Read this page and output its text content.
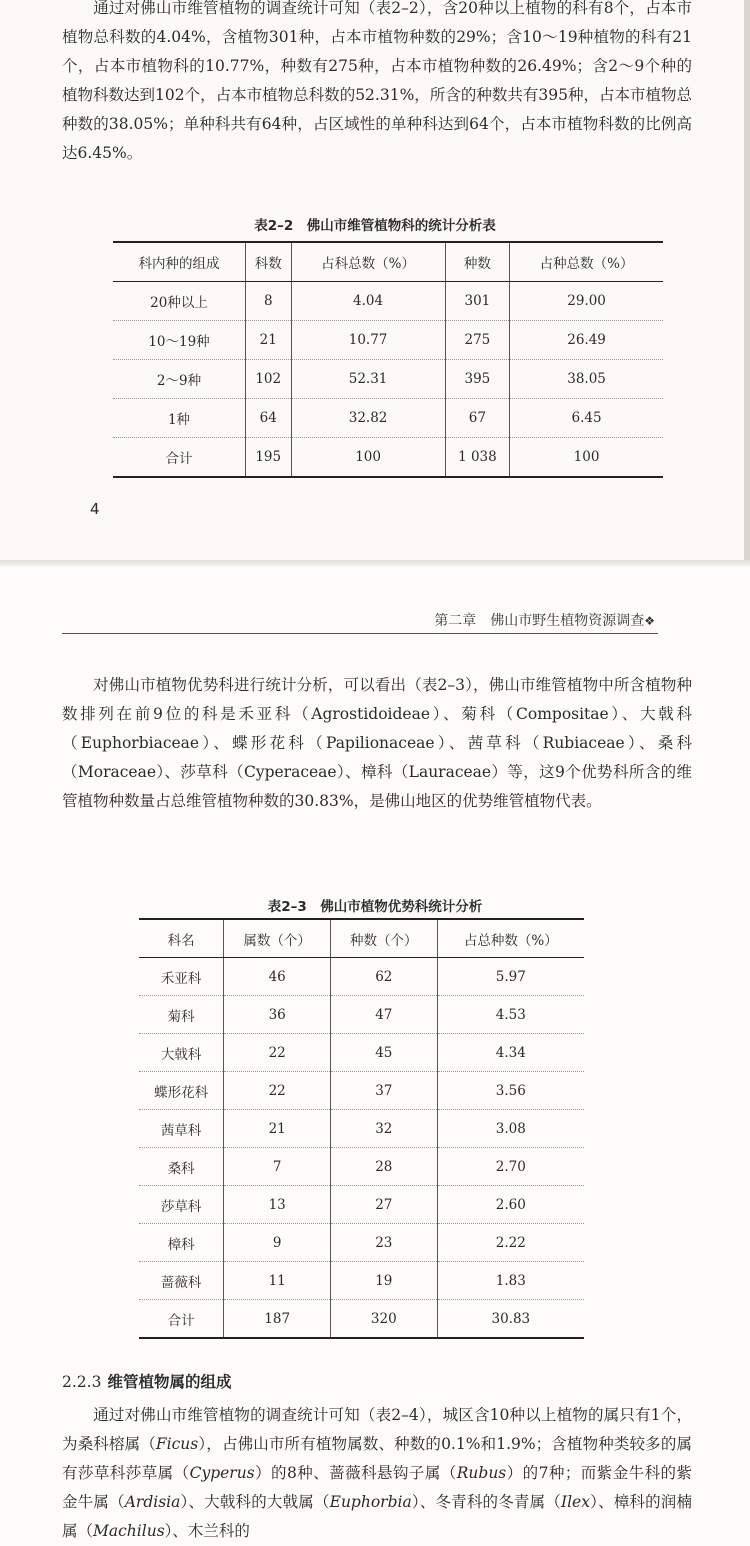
通过对佛山市维管植物的调查统计可知（表2–2），含20种以上植物的科有8个，占本市植物总科数的4.04%，含植物301种，占本市植物种数的29%；含10～19种植物的科有21个，占本市植物科的10.77%，种数有275种，占本市植物种数的26.49%；含2～9个种的植物科数达到102个，占本市植物总科数的52.31%，所含的种数共有395种，占本市植物总种数的38.05%；单种科共有64种，占区域性的单种科达到64个，占本市植物科数的比例高达6.45%。

表2–2　佛山市维管植物科的统计分析表
科内种的组成	科数	占科总数（%）	种数	占种总数（%）
20种以上	8	4.04	301	29.00
10～19种	21	10.77	275	26.49
2～9种	102	52.31	395	38.05
1种	64	32.82	67	6.45
合计	195	100	1 038	100
4
第二章　佛山市野生植物资源调查❖

对佛山市植物优势科进行统计分析，可以看出（表2–3），佛山市维管植物中所含植物种数排列在前9位的科是禾亚科（Agrostidoideae）、菊科（Compositae）、大戟科（Euphorbiaceae）、蝶形花科（Papilionaceae）、茜草科（Rubiaceae）、桑科（Moraceae）、莎草科（Cyperaceae）、樟科（Lauraceae）等，这9个优势科所含的维管植物种数量占总维管植物种数的30.83%，是佛山地区的优势维管植物代表。

表2–3　佛山市植物优势科统计分析
科名	属数（个）	种数（个）	占总种数（%）
禾亚科	46	62	5.97
菊科	36	47	4.53
大戟科	22	45	4.34
蝶形花科	22	37	3.56
茜草科	21	32	3.08
桑科	7	28	2.70
莎草科	13	27	2.60
樟科	9	23	2.22
蔷薇科	11	19	1.83
合计	187	320	30.83
2.2.3 维管植物属的组成

通过对佛山市维管植物的调查统计可知（表2–4），城区含10种以上植物的属只有1个，为桑科榕属（Ficus），占佛山市所有植物属数、种数的0.1%和1.9%；含植物种类较多的属有莎草科莎草属（Cyperus）的8种、蔷薇科悬钩子属（Rubus）的7种；而紫金牛科的紫金牛属（Ardisia）、大戟科的大戟属（Euphorbia）、冬青科的冬青属（Ilex）、樟科的润楠属（Machilus）、木兰科的
